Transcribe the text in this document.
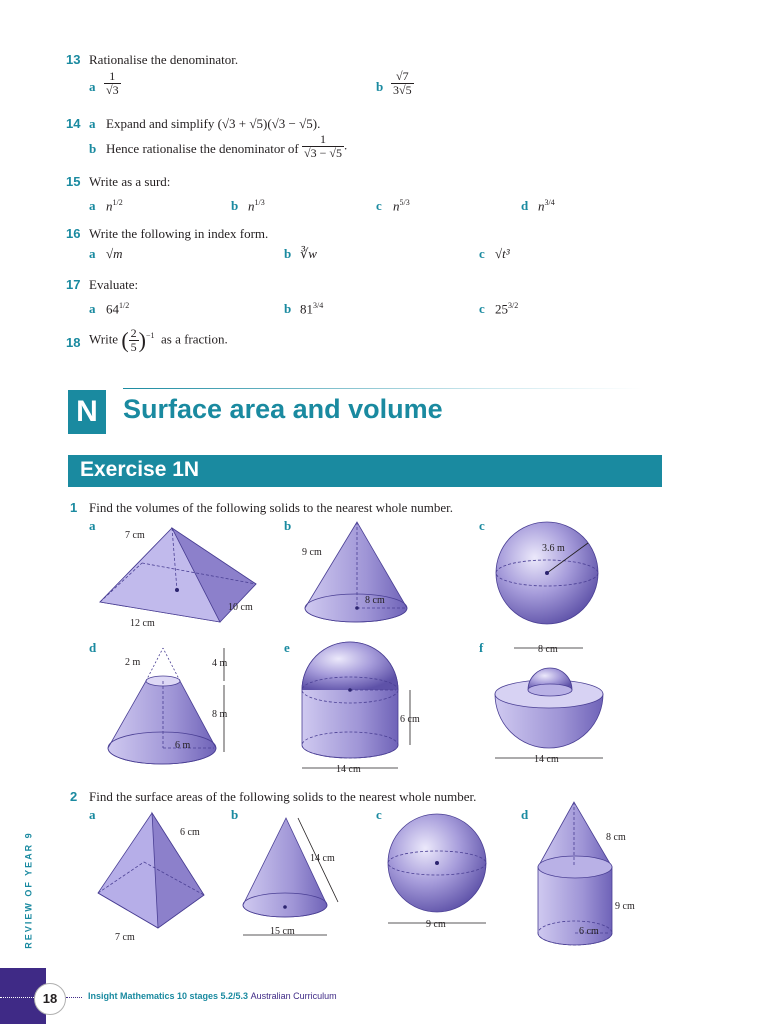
13 Rationalise the denominator.
a $\frac{1}{√3}$	b $\frac{√7}{3√5}$
14 a Expand and simplify (√3 + √5)(√3 − √5).
b Hence rationalise the denominator of $\frac{1}{√3 - √5}$ .
15 Write as a surd:
a $n^{1/2}$	b $n^{1/3}$	c $n^{5/3}$	d $n^{3/4}$
16 Write the following in index form.
a √m	b ∛w	c √t³
17 Evaluate:
a $64^{1/2}$	b $81^{3/4}$	c $25^{3/2}$
18 Write ( $\frac{2}{5} )^{-1}$ as a fraction.
N Surface area and volume
Exercise 1N
1 Find the volumes of the following solids to the nearest whole number.
a	b	c
d	e	f
7 cm
10 cm
12 cm
9 cm
8 cm
3.6 m
2 m	4 m
8 m
6 m
6 cm
14 cm
8 cm
14 cm
6 cm
7 cm
14 cm
15 cm
9 cm
8 cm
9 cm
6 cm
2 Find the surface areas of the following solids to the nearest whole number.
a	b	c	d
REVIEW OF YEAR 9
18	Insight Mathematics 10 stages 5.2/5.3 Australian Curriculum
